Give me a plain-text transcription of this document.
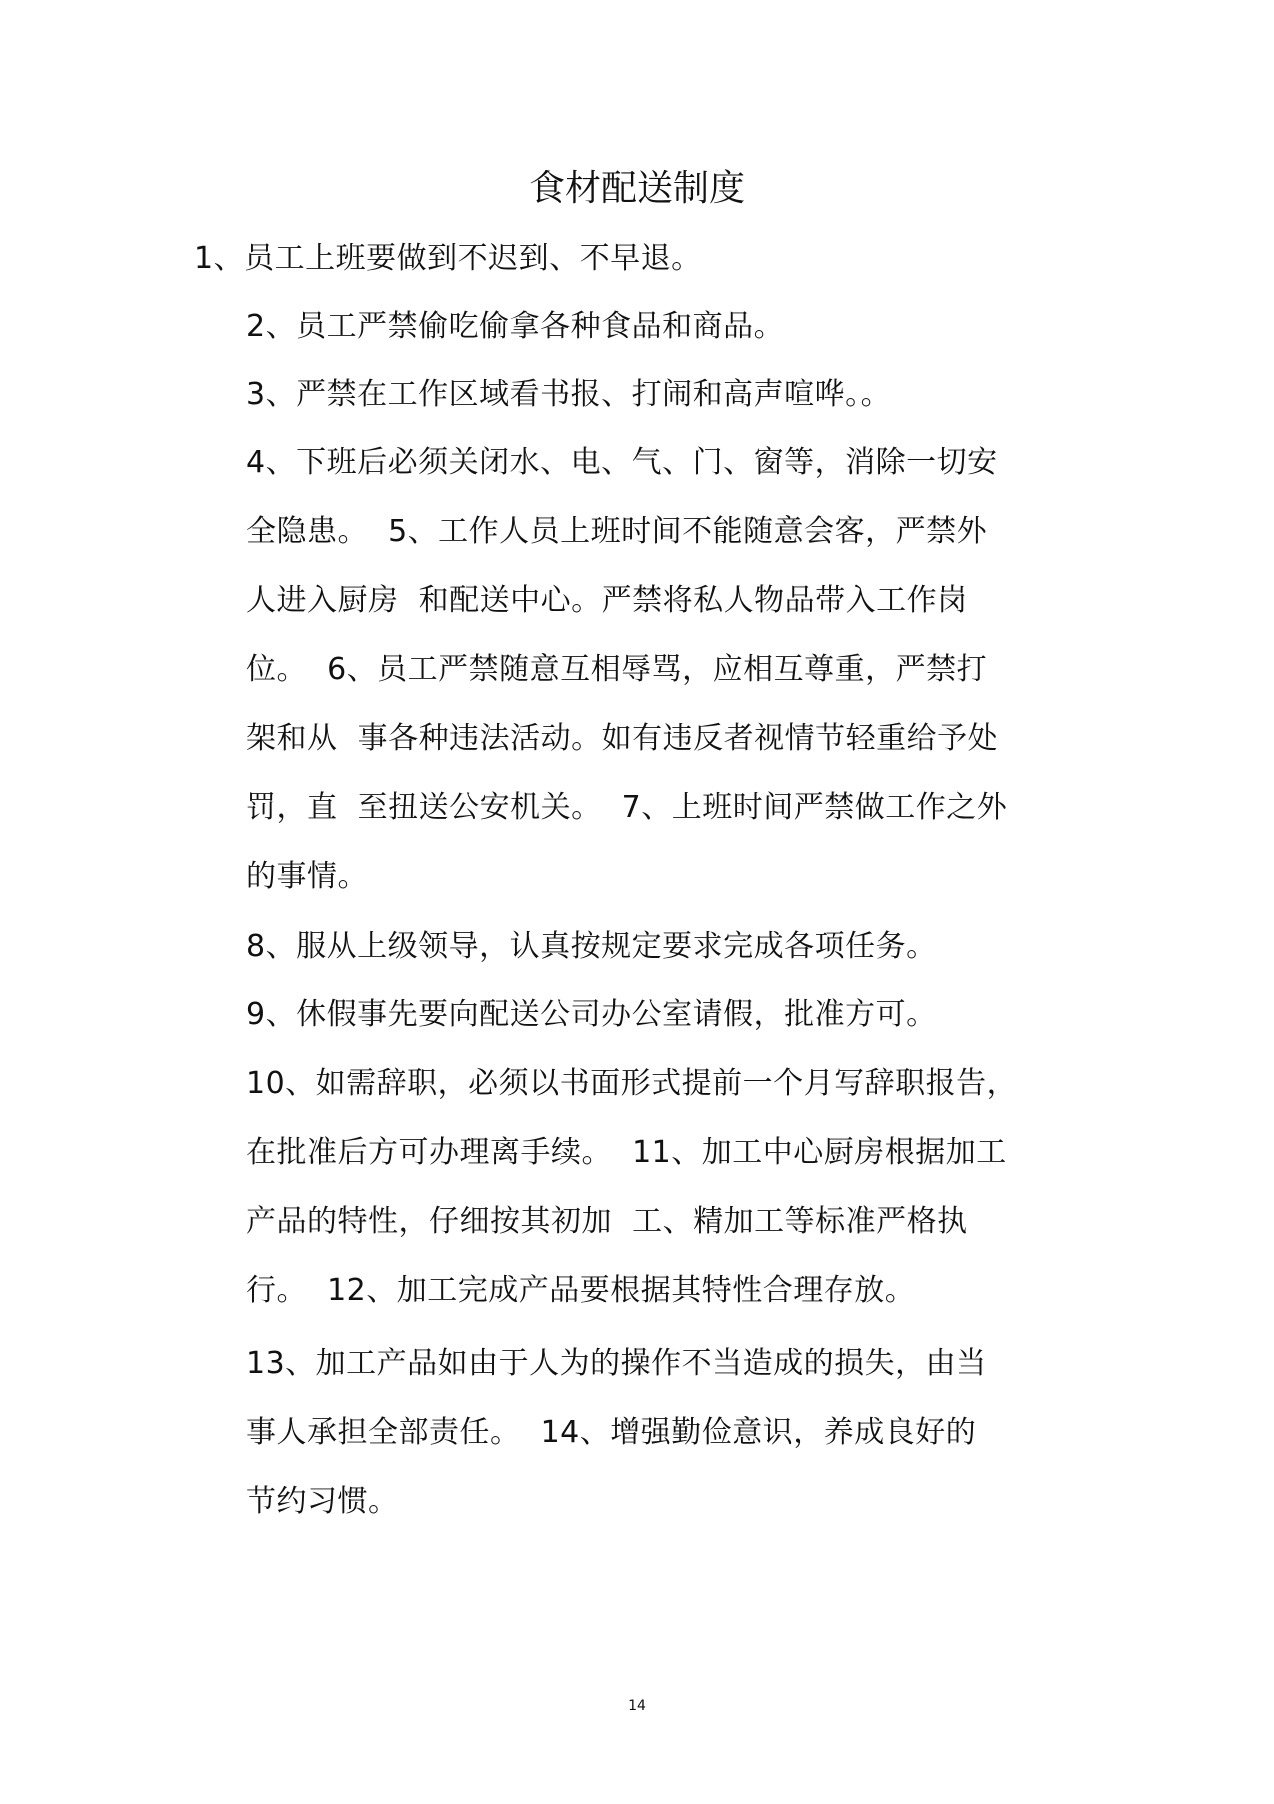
食材配送制度
1、员工上班要做到不迟到、不早退。
2、员工严禁偷吃偷拿各种食品和商品。
3、严禁在工作区域看书报、打闹和高声喧哗。。
4、下班后必须关闭水、电、气、门、窗等，消除一切安
全隐患。  5、工作人员上班时间不能随意会客，严禁外
人进入厨房  和配送中心。严禁将私人物品带入工作岗
位。  6、员工严禁随意互相辱骂，应相互尊重，严禁打
架和从  事各种违法活动。如有违反者视情节轻重给予处
罚，直  至扭送公安机关。  7、上班时间严禁做工作之外
的事情。
8、服从上级领导，认真按规定要求完成各项任务。
9、休假事先要向配送公司办公室请假，批准方可。
10、如需辞职，必须以书面形式提前一个月写辞职报告，
在批准后方可办理离手续。  11、加工中心厨房根据加工
产品的特性，仔细按其初加  工、精加工等标准严格执
行。  12、加工完成产品要根据其特性合理存放。
13、加工产品如由于人为的操作不当造成的损失，由当
事人承担全部责任。  14、增强勤俭意识，养成良好的
节约习惯。
14
